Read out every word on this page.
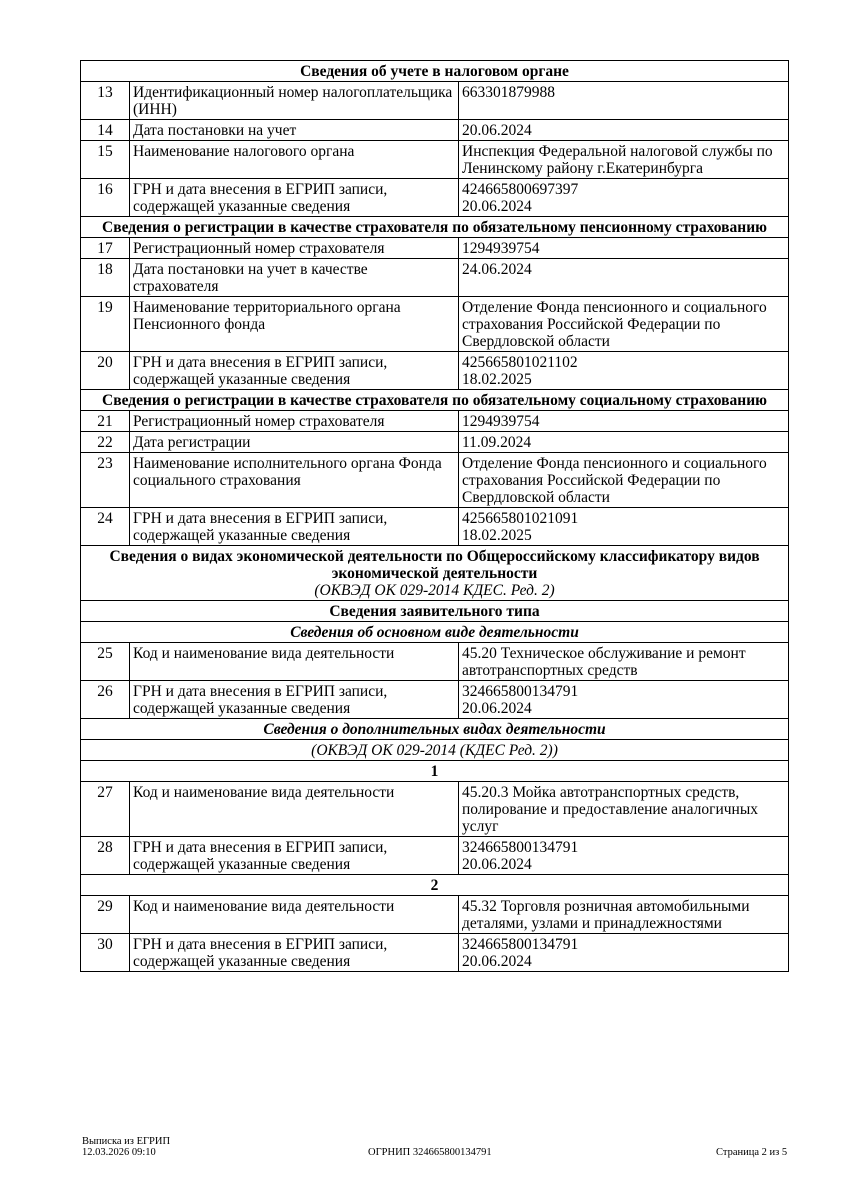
Сведения об учете в налоговом органе		

13	Идентификационный номер налогоплательщика (ИНН)	663301879988

14	Дата постановки на учет	20.06.2024

15	Наименование налогового органа	Инспекция Федеральной налоговой службы по Ленинскому району г.Екатеринбурга

16	ГРН и дата внесения в ЕГРИП записи, содержащей указанные сведения	424665800697397
20.06.2024

Сведения о регистрации в качестве страхователя по обязательному пенсионному страхованию		

17	Регистрационный номер страхователя	1294939754

18	Дата постановки на учет в качестве страхователя	24.06.2024

19	Наименование территориального органа Пенсионного фонда	Отделение Фонда пенсионного и социального страхования Российской Федерации по Свердловской области

20	ГРН и дата внесения в ЕГРИП записи, содержащей указанные сведения	425665801021102
18.02.2025

Сведения о регистрации в качестве страхователя по обязательному социальному страхованию		

21	Регистрационный номер страхователя	1294939754

22	Дата регистрации	11.09.2024

23	Наименование исполнительного органа Фонда социального страхования	Отделение Фонда пенсионного и социального страхования Российской Федерации по Свердловской области

24	ГРН и дата внесения в ЕГРИП записи, содержащей указанные сведения	425665801021091
18.02.2025

Сведения о видах экономической деятельности по Общероссийскому классификатору видов экономической деятельности
(ОКВЭД ОК 029-2014 КДЕС. Ред. 2)		

Сведения заявительного типа		

Сведения об основном виде деятельности		

25	Код и наименование вида деятельности	45.20 Техническое обслуживание и ремонт автотранспортных средств

26	ГРН и дата внесения в ЕГРИП записи, содержащей указанные сведения	324665800134791
20.06.2024

Сведения о дополнительных видах деятельности		

(ОКВЭД ОК 029-2014 (КДЕС Ред. 2))		

1		

27	Код и наименование вида деятельности	45.20.3 Мойка автотранспортных средств, полирование и предоставление аналогичных услуг

28	ГРН и дата внесения в ЕГРИП записи, содержащей указанные сведения	324665800134791
20.06.2024

2		

29	Код и наименование вида деятельности	45.32 Торговля розничная автомобильными деталями, узлами и принадлежностями

30	ГРН и дата внесения в ЕГРИП записи, содержащей указанные сведения	324665800134791
20.06.2024
Выписка из ЕГРИП
12.03.2026 09:10	ОГРНИП 324665800134791	Страница 2 из 5
